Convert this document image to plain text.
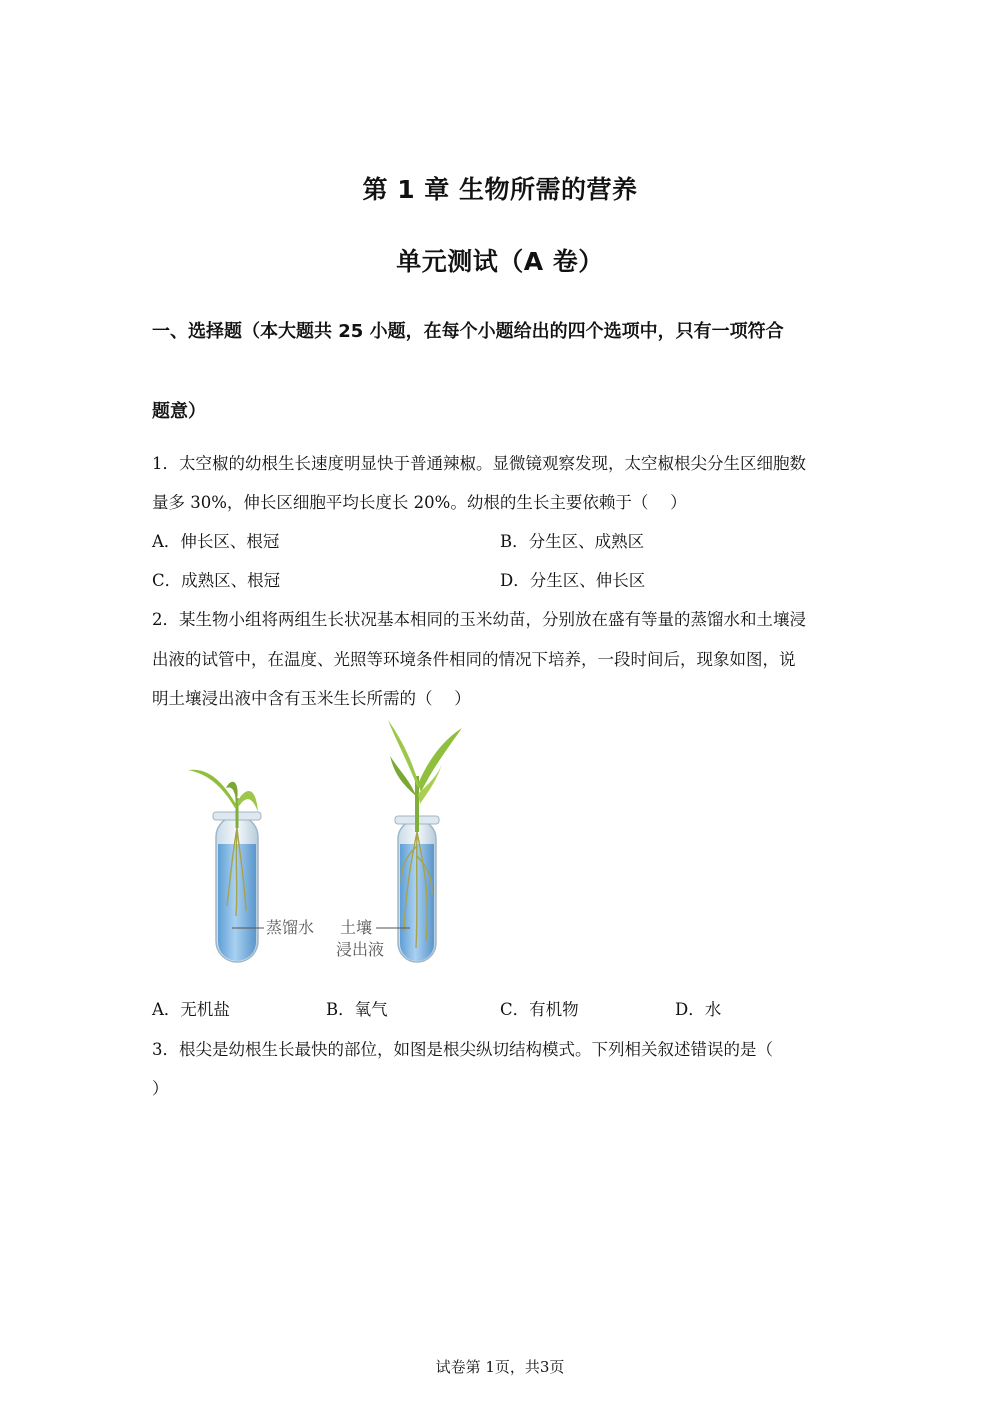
第 1 章 生物所需的营养
单元测试（A 卷）
一、选择题（本大题共 25 小题，在每个小题给出的四个选项中，只有一项符合
题意）
1．太空椒的幼根生长速度明显快于普通辣椒。显微镜观察发现，太空椒根尖分生区细胞数
量多 30%，伸长区细胞平均长度长 20%。幼根的生长主要依赖于（　 ）
A．伸长区、根冠	B．分生区、成熟区
C．成熟区、根冠	D．分生区、伸长区
2．某生物小组将两组生长状况基本相同的玉米幼苗，分别放在盛有等量的蒸馏水和土壤浸
出液的试管中，在温度、光照等环境条件相同的情况下培养，一段时间后，现象如图，说
明土壤浸出液中含有玉米生长所需的（　 ）
蒸馏水 土壤
浸出液
A．无机盐	B．氧气	C．有机物	D．水
3．根尖是幼根生长最快的部位，如图是根尖纵切结构模式。下列相关叙述错误的是（
）
试卷第 1页，共3页
